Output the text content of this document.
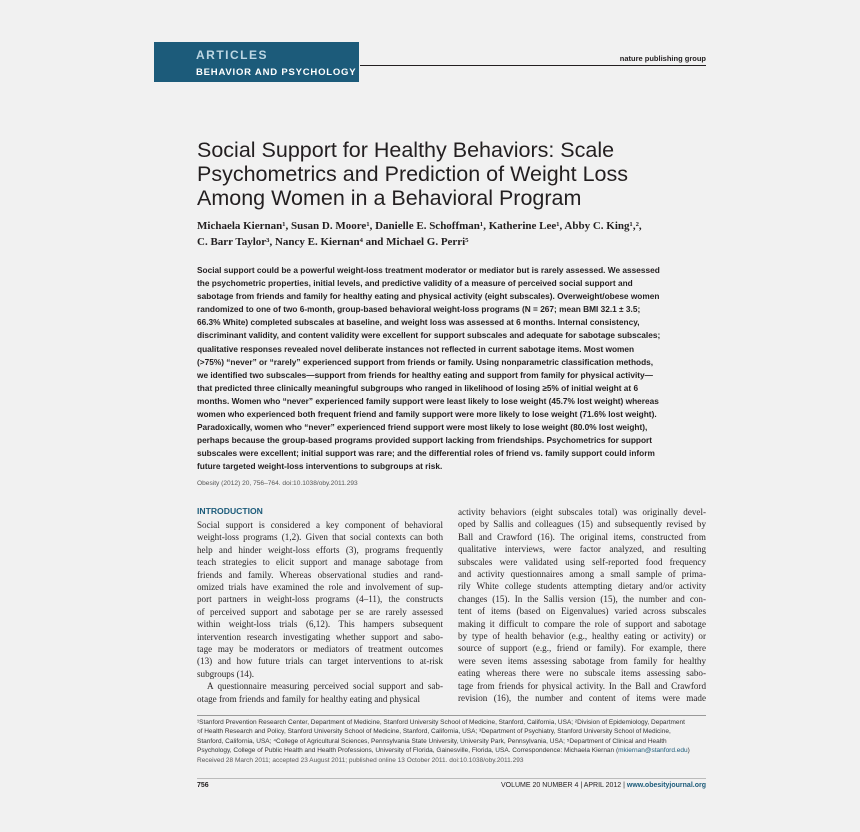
ARTICLES
BEHAVIOR AND PSYCHOLOGY
nature publishing group
Social Support for Healthy Behaviors: Scale
Psychometrics and Prediction of Weight Loss
Among Women in a Behavioral Program
Michaela Kiernan¹, Susan D. Moore¹, Danielle E. Schoffman¹, Katherine Lee¹, Abby C. King¹,²,
C. Barr Taylor³, Nancy E. Kiernan⁴ and Michael G. Perri⁵
Social support could be a powerful weight-loss treatment moderator or mediator but is rarely assessed. We assessed
the psychometric properties, initial levels, and predictive validity of a measure of perceived social support and
sabotage from friends and family for healthy eating and physical activity (eight subscales). Overweight/obese women
randomized to one of two 6-month, group-based behavioral weight-loss programs (N = 267; mean BMI 32.1 ± 3.5;
66.3% White) completed subscales at baseline, and weight loss was assessed at 6 months. Internal consistency,
discriminant validity, and content validity were excellent for support subscales and adequate for sabotage subscales;
qualitative responses revealed novel deliberate instances not reflected in current sabotage items. Most women
(>75%) “never” or “rarely” experienced support from friends or family. Using nonparametric classification methods,
we identified two subscales—support from friends for healthy eating and support from family for physical activity—
that predicted three clinically meaningful subgroups who ranged in likelihood of losing ≥5% of initial weight at 6
months. Women who “never” experienced family support were least likely to lose weight (45.7% lost weight) whereas
women who experienced both frequent friend and family support were more likely to lose weight (71.6% lost weight).
Paradoxically, women who “never” experienced friend support were most likely to lose weight (80.0% lost weight),
perhaps because the group-based programs provided support lacking from friendships. Psychometrics for support
subscales were excellent; initial support was rare; and the differential roles of friend vs. family support could inform
future targeted weight-loss interventions to subgroups at risk.
Obesity (2012) 20, 756–764. doi:10.1038/oby.2011.293
INTRODUCTION

Social support is considered a key component of behavioral
weight-loss programs (1,2). Given that social contexts can both
help and hinder weight-loss efforts (3), programs frequently
teach strategies to elicit support and manage sabotage from
friends and family. Whereas observational studies and rand-
omized trials have examined the role and involvement of sup-
port partners in weight-loss programs (4–11), the constructs
of perceived support and sabotage per se are rarely assessed
within weight-loss trials (6,12). This hampers subsequent
intervention research investigating whether support and sabo-
tage may be moderators or mediators of treatment outcomes
(13) and how future trials can target interventions to at-risk
subgroups (14).

A questionnaire measuring perceived social support and sab-
otage from friends and family for healthy eating and physical

activity behaviors (eight subscales total) was originally devel-
oped by Sallis and colleagues (15) and subsequently revised by
Ball and Crawford (16). The original items, constructed from
qualitative interviews, were factor analyzed, and resulting
subscales were validated using self-reported food frequency
and activity questionnaires among a small sample of prima-
rily White college students attempting dietary and/or activity
changes (15). In the Sallis version (15), the number and con-
tent of items (based on Eigenvalues) varied across subscales
making it difficult to compare the role of support and sabotage
by type of health behavior (e.g., healthy eating or activity) or
source of support (e.g., friend or family). For example, there
were seven items assessing sabotage from family for healthy
eating whereas there were no subscale items assessing sabo-
tage from friends for physical activity. In the Ball and Crawford
revision (16), the number and content of items were made

¹Stanford Prevention Research Center, Department of Medicine, Stanford University School of Medicine, Stanford, California, USA; ²Division of Epidemiology, Department
of Health Research and Policy, Stanford University School of Medicine, Stanford, California, USA; ³Department of Psychiatry, Stanford University School of Medicine,
Stanford, California, USA; ⁴College of Agricultural Sciences, Pennsylvania State University, University Park, Pennsylvania, USA; ⁵Department of Clinical and Health
Psychology, College of Public Health and Health Professions, University of Florida, Gainesville, Florida, USA. Correspondence: Michaela Kiernan (mkiernan@stanford.edu)
Received 28 March 2011; accepted 23 August 2011; published online 13 October 2011. doi:10.1038/oby.2011.293
756	VOLUME 20 NUMBER 4 | APRIL 2012 | www.obesityjournal.org
